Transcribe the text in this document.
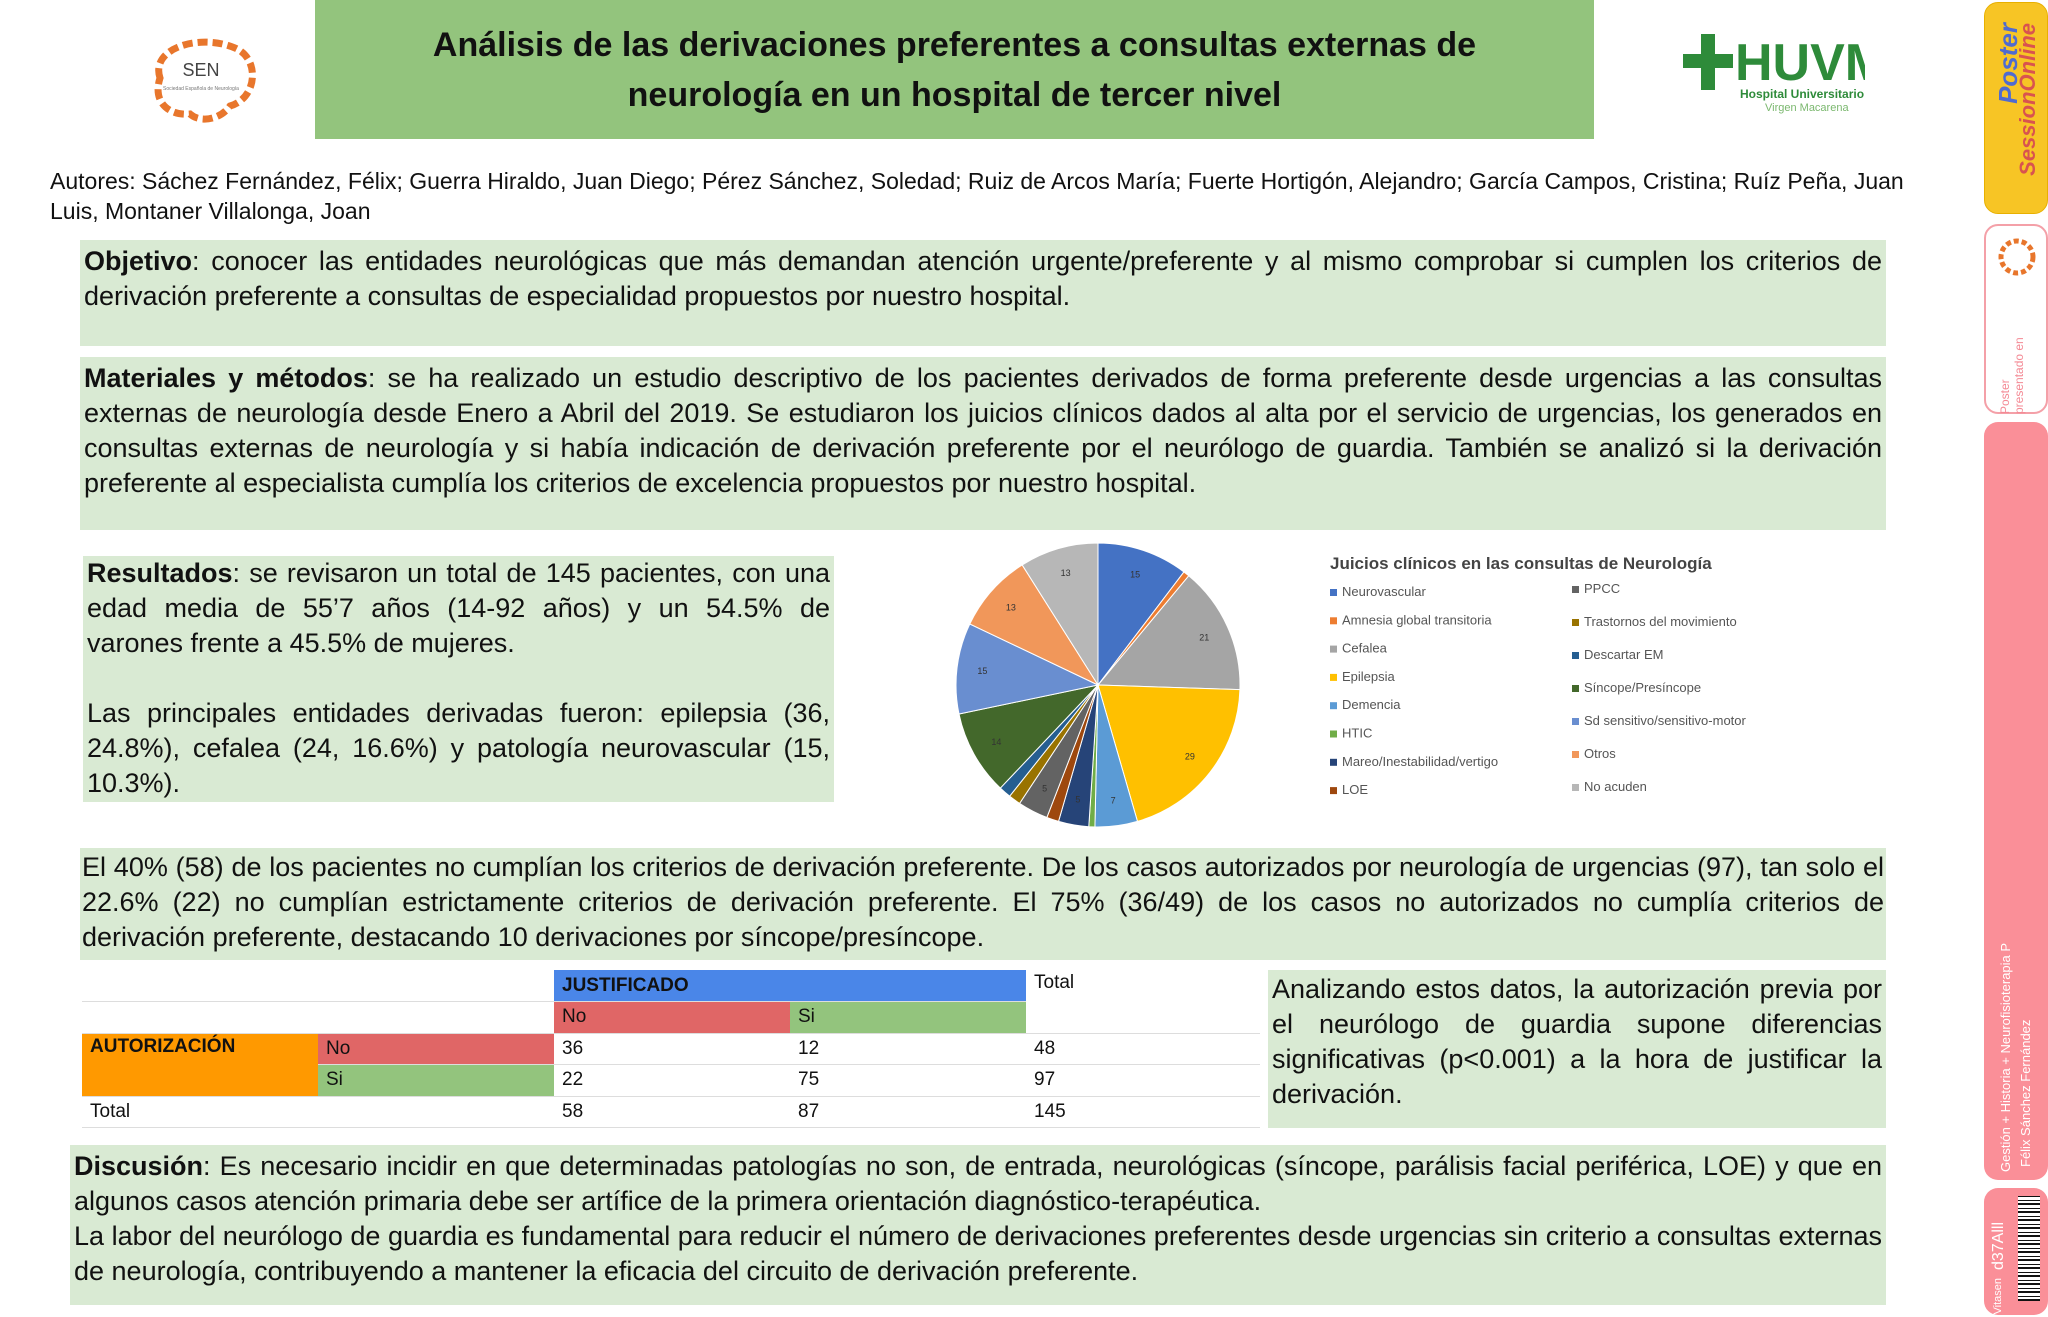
SEN
Sociedad Española de Neurología
Análisis de las derivaciones preferentes a consultas externas de
neurología en un hospital de tercer nivel
HUV
Hospital Universitario
Virgen Macarena
Autores: Sáchez Fernández, Félix; Guerra Hiraldo, Juan Diego; Pérez Sánchez, Soledad; Ruiz de Arcos María; Fuerte Hortigón, Alejandro; García Campos, Cristina; Ruíz Peña, Juan Luis, Montaner Villalonga, Joan

Objetivo: conocer las entidades neurológicas que más demandan atención urgente/preferente y al mismo comprobar si cumplen los criterios de derivación preferente a consultas de especialidad propuestos por nuestro hospital.

Materiales y métodos: se ha realizado un estudio descriptivo de los pacientes derivados de forma preferente desde urgencias a las consultas externas de neurología desde Enero a Abril del 2019. Se estudiaron los juicios clínicos dados al alta por el servicio de urgencias, los generados en consultas externas de neurología y si había indicación de derivación preferente por el neurólogo de guardia. También se analizó si la derivación preferente al especialista cumplía los criterios de excelencia propuestos por nuestro hospital.

Resultados: se revisaron un total de 145 pacientes, con una edad media de 55’7 años (14-92 años) y un 54.5% de varones frente a 45.5% de mujeres.

Las principales entidades derivadas fueron: epilepsia (36, 24.8%), cefalea (24, 16.6%) y patología neurovascular (15, 10.3%).

15
21
29
7
5
5
14
15
13
13
Juicios clínicos en las consultas de Neurología
Neurovascular
Amnesia global transitoria
Cefalea
Epilepsia
Demencia
HTIC
Mareo/Inestabilidad/vertigo
LOE
PPCC
Trastornos del movimiento
Descartar EM
Síncope/Presíncope
Sd sensitivo/sensitivo-motor
Otros
No acuden

El 40% (58) de los pacientes no cumplían los criterios de derivación preferente. De los casos autorizados por neurología de urgencias (97), tan solo el 22.6% (22) no cumplían estrictamente criterios de derivación preferente. El 75% (36/49) de los casos no autorizados no cumplía criterios de derivación preferente, destacando 10 derivaciones por síncope/presíncope.

		JUSTIFICADO		Total
		No	Si	
AUTORIZACIÓN	No	36	12	48
	Si	22	75	97
Total		58	87	145

Analizando estos datos, la autorización previa por el neurólogo de guardia supone diferencias significativas (p<0.001) a la hora de justificar la derivación.

Discusión: Es necesario incidir en que determinadas patologías no son, de entrada, neurológicas (síncope, parálisis facial periférica, LOE) y que en algunos casos atención primaria debe ser artífice de la primera orientación diagnóstico-terapéutica.

La labor del neurólogo de guardia es fundamental para reducir el número de derivaciones preferentes desde urgencias sin criterio a consultas externas de neurología, contribuyendo a mantener la eficacia del circuito de derivación preferente.

Poster
SessionOnline
Poster presentado en
Gestión + Historia + Neurofisioterapia P Félix Sánchez Fernández
d37Alll
Vitasen
